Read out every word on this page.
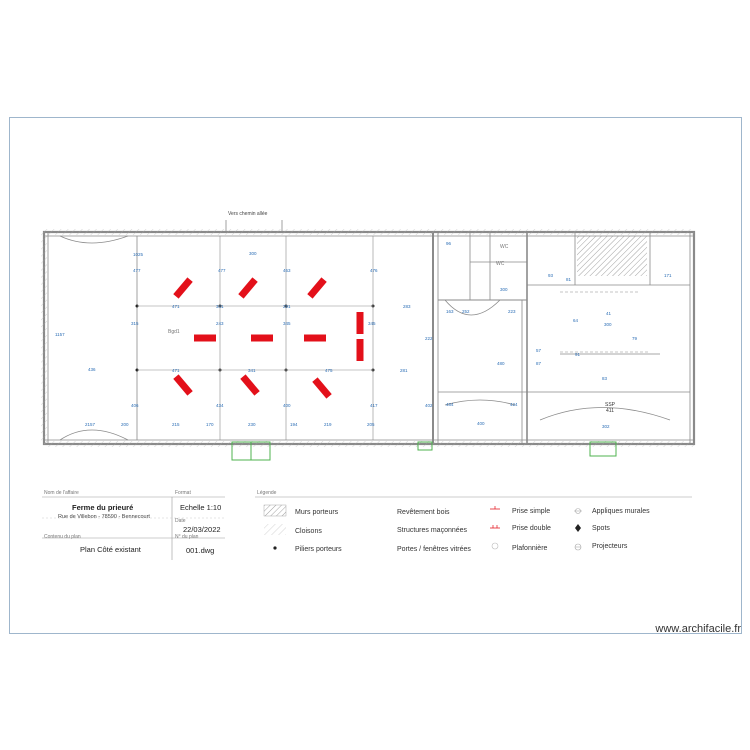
1157
436
1025
477	477	463	476
300
471	341	291	283
315	243	345	345
471	341	475	281
406	434	400	417	402
2157	200	215	170	230	194	219	205
222
484	424
300
163 252	223
480
400
79
171
81
93
87
57
64
41
300
83
91
302
96
Vers chemin allée
Bgd1
SSP
411
WC
WC
Nom de l'affaire	Format
Ferme du prieuré
Rue de Villebon - 78590 - Bennecourt
Echelle 1:10
Date
22/03/2022
Contenu du plan	N° du plan
Plan Côté existant	001.dwg
Légende
Murs porteurs
Cloisons
Piliers porteurs
Revêtement bois
Structures maçonnées
Portes / fenêtres vitrées
Prise simple
Prise double
Plafonnière
Appliques murales
Spots
Projecteurs
www.archifacile.fr
